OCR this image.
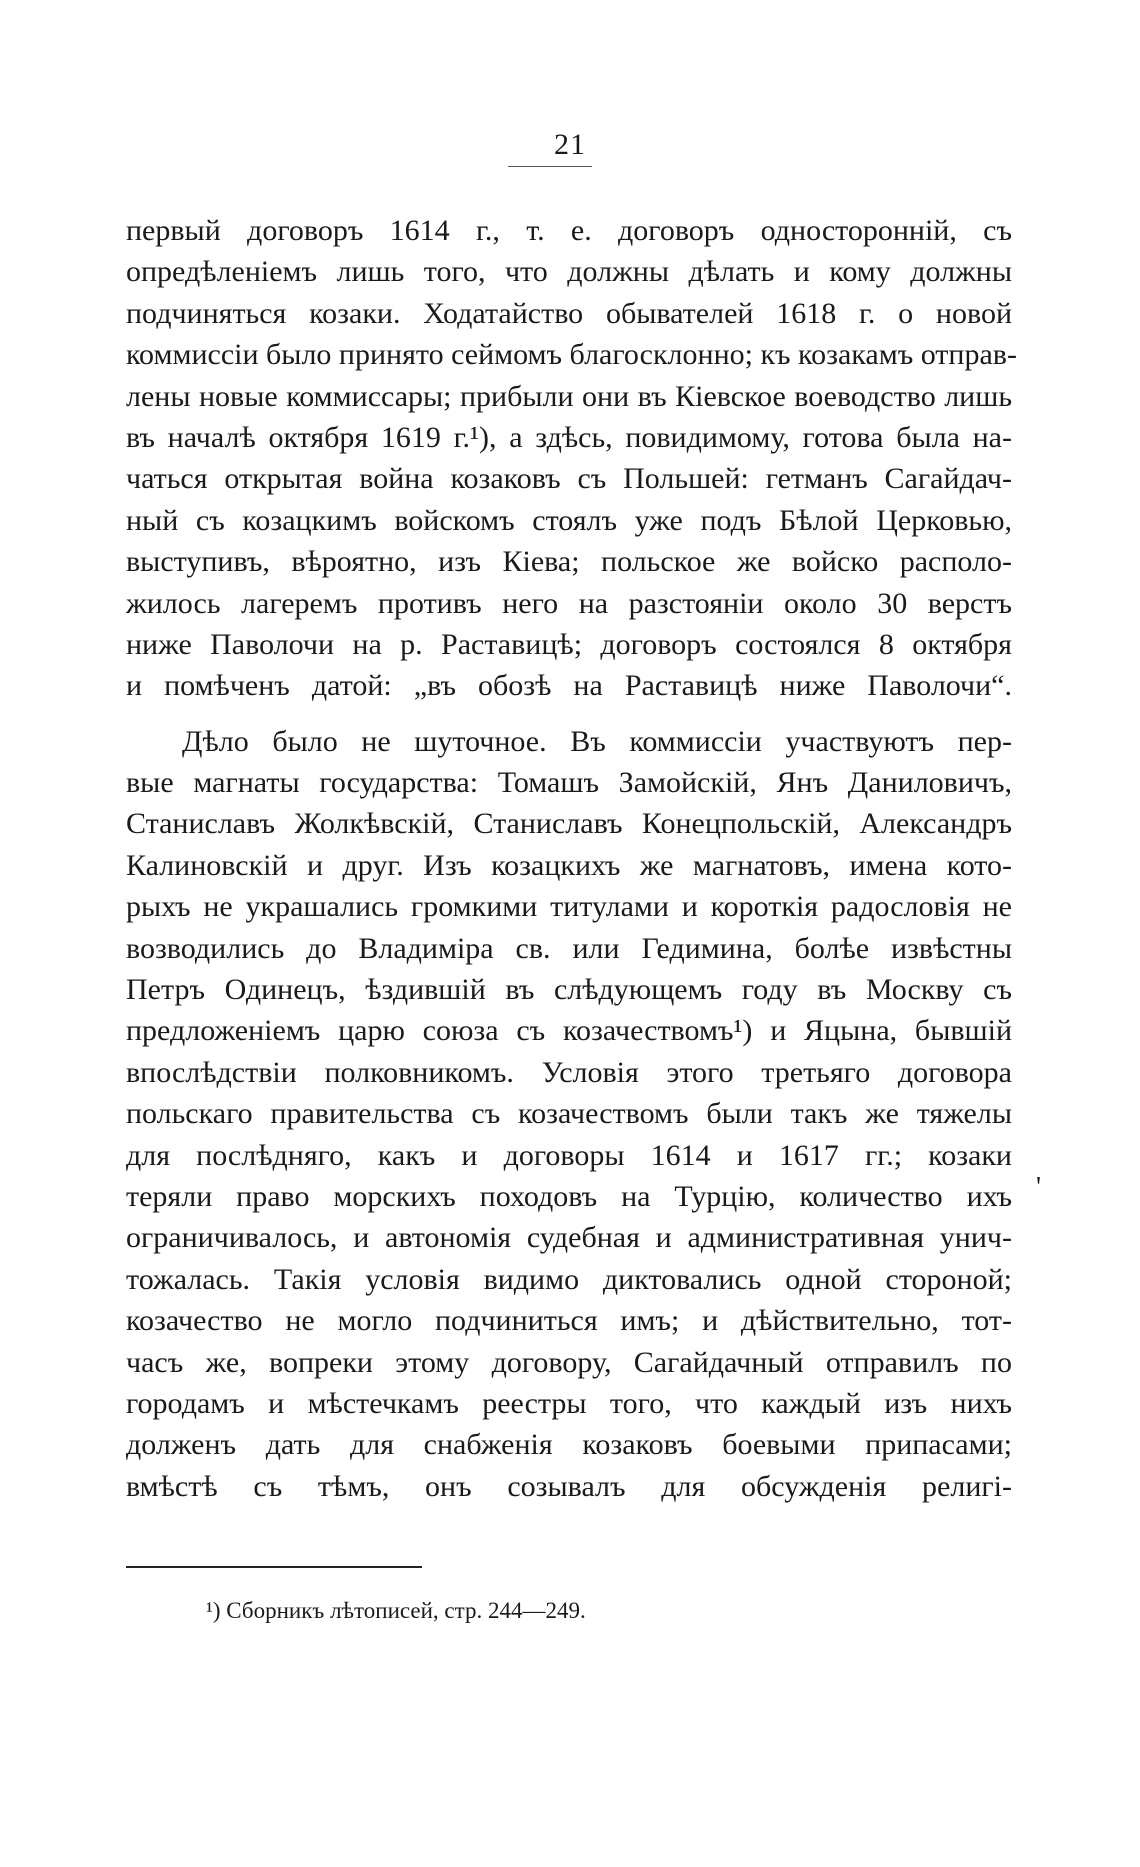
21
первый договоръ 1614 г., т. е. договоръ односторонній, съ
опредѣленіемъ лишь того, что должны дѣлать и кому должны
подчиняться козаки. Ходатайство обывателей 1618 г. о новой
коммиссіи было принято сеймомъ благосклонно; къ козакамъ отправ-
лены новые коммиссары; прибыли они въ Кіевское воеводство лишь
въ началѣ октября 1619 г.¹), а здѣсь, повидимому, готова была на-
чаться открытая война козаковъ съ Польшей: гетманъ Сагайдач-
ный съ козацкимъ войскомъ стоялъ уже подъ Бѣлой Церковью,
выступивъ, вѣроятно, изъ Кіева; польское же войско располо-
жилось лагеремъ противъ него на разстояніи около 30 верстъ
ниже Паволочи на р. Раставицѣ; договоръ состоялся 8 октября
и помѣченъ датой: „въ обозѣ на Раставицѣ ниже Паволочи“.
Дѣло было не шуточное. Въ коммиссіи участвуютъ пер-
вые магнаты государства: Томашъ Замойскій, Янъ Даниловичъ,
Станиславъ Жолкѣвскій, Станиславъ Конецпольскій, Александръ
Калиновскій и друг. Изъ козацкихъ же магнатовъ, имена кото-
рыхъ не украшались громкими титулами и короткія радословія не
возводились до Владиміра св. или Гедимина, болѣе извѣстны
Петръ Одинецъ, ѣздившій въ слѣдующемъ году въ Москву съ
предложеніемъ царю союза съ козачествомъ¹) и Яцына, бывшій
впослѣдствіи полковникомъ. Условія этого третьяго договора
польскаго правительства съ козачествомъ были такъ же тяжелы
для послѣдняго, какъ и договоры 1614 и 1617 гг.; козаки
теряли право морскихъ походовъ на Турцію, количество ихъ
ограничивалось, и автономія судебная и административная унич-
тожалась. Такія условія видимо диктовались одной стороной;
козачество не могло подчиниться имъ; и дѣйствительно, тот-
часъ же, вопреки этому договору, Сагайдачный отправилъ по
городамъ и мѣстечкамъ реестры того, что каждый изъ нихъ
долженъ дать для снабженія козаковъ боевыми припасами;
вмѣстѣ съ тѣмъ, онъ созывалъ для обсужденія религі-
'
¹) Сборникъ лѣтописей, стр. 244—249.
